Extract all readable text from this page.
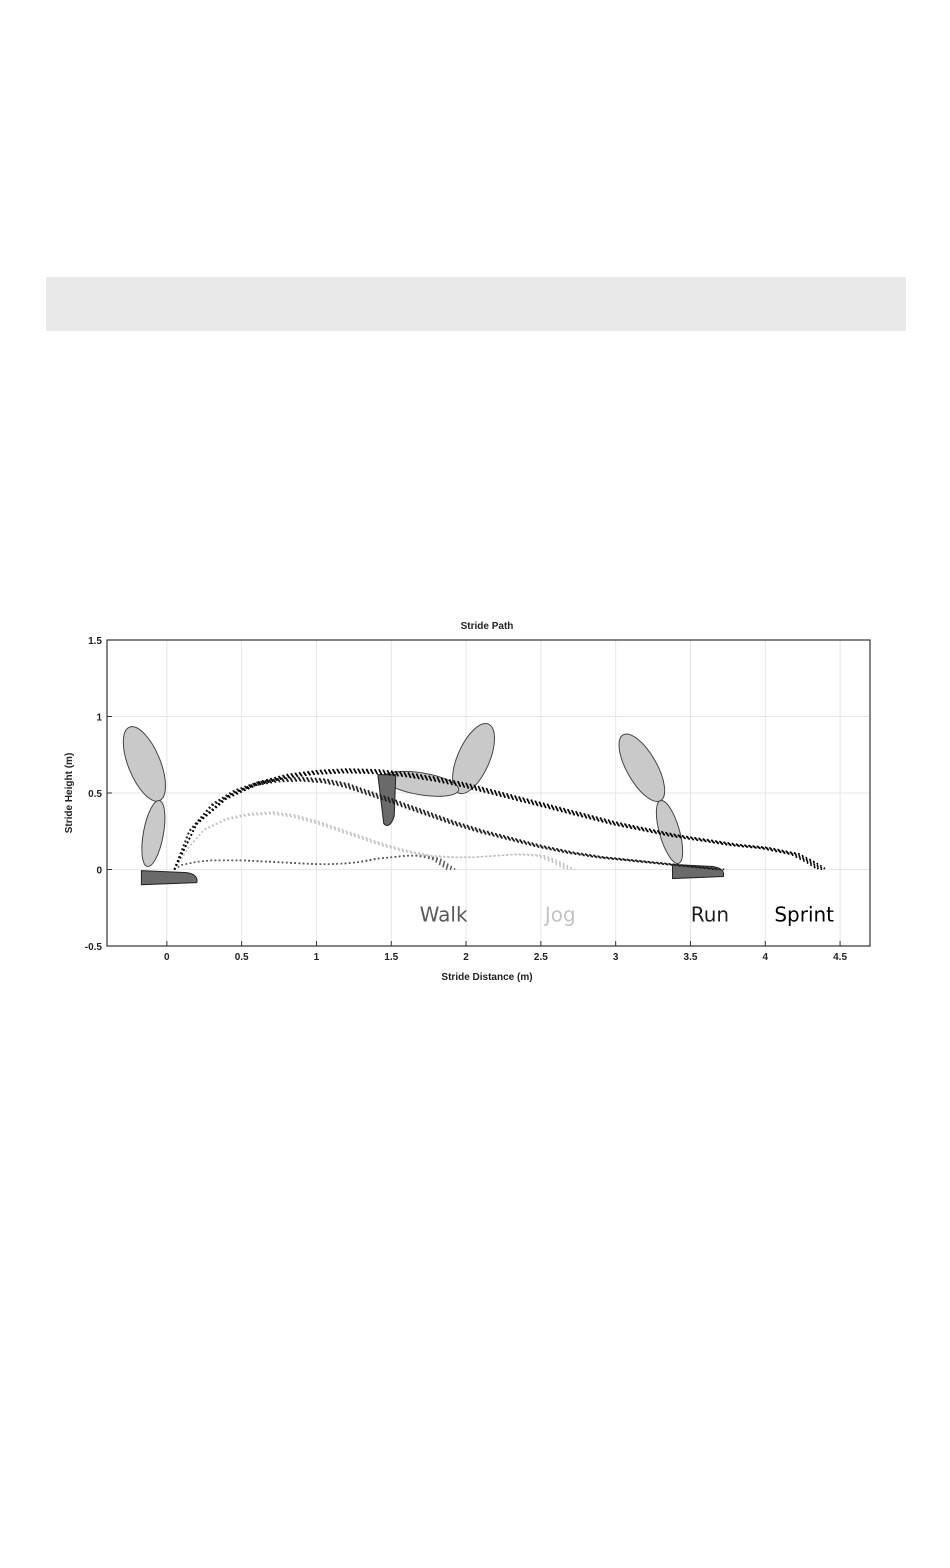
Stride Path
Walk	Jog	Run Sprint
0	0.5	1	1.5	2	2.5	3	3.5	4	4.5
-0.5
0
0.5
1
1.5
Stride Distance (m)
Stride Height (m)
